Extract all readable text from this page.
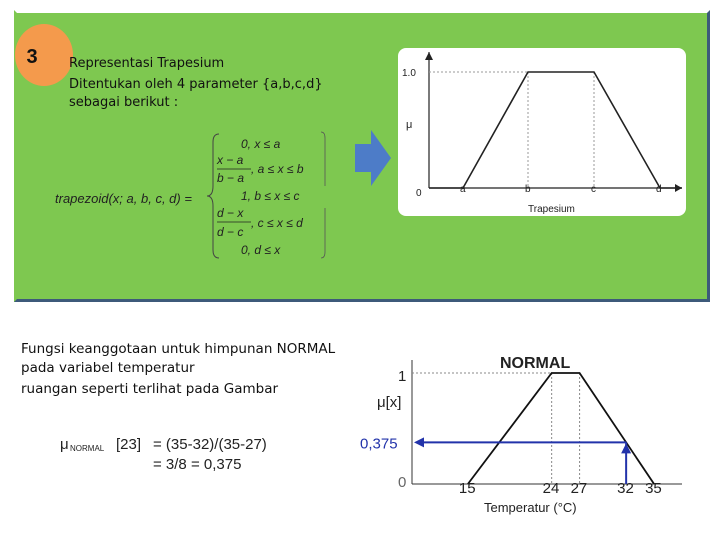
3	Representasi Trapesium
Ditentukan oleh 4 parameter {a,b,c,d}
sebagai berikut :
trapezoid(x; a, b, c, d) =
0, x ≤ a
x − a
b − a
, a ≤ x ≤ b
1, b ≤ x ≤ c
d − x
d − c
, c ≤ x ≤ d
0, d ≤ x
1.0
μ
0	a	b	c	d
Trapesium
Fungsi keanggotaan untuk himpunan NORMAL
pada variabel temperatur
ruangan seperti terlihat pada Gambar
μ NORMAL [23] = (35-32)/(35-27)
= 3/8 = 0,375
15	24 27 32 35
1
0
0,375
NORMAL
μ[x]
Temperatur (°C)
